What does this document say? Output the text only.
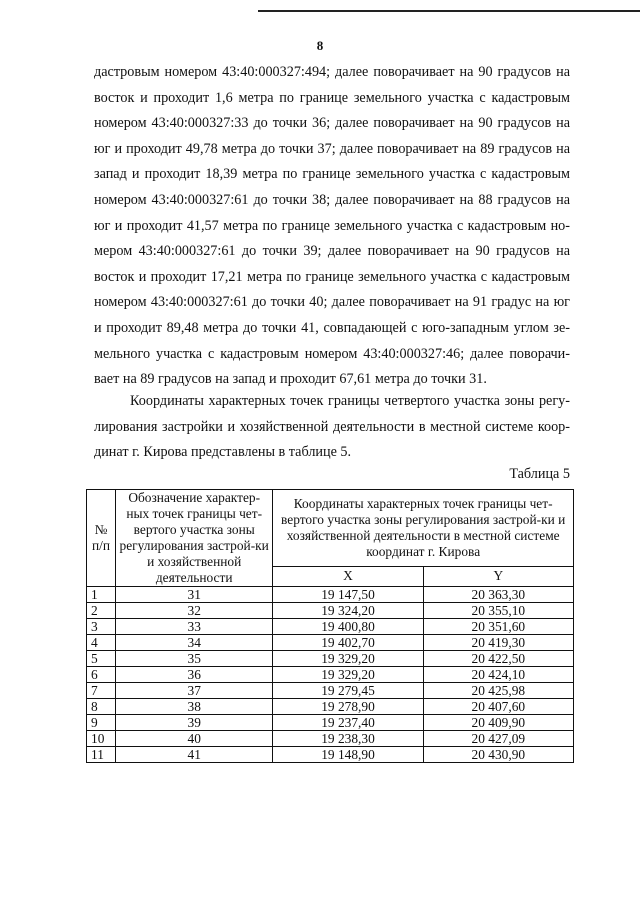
8
дастровым номером 43:40:000327:494; далее поворачивает на 90 градусов на
восток и проходит 1,6 метра по границе земельного участка с кадастровым
номером 43:40:000327:33 до точки 36; далее поворачивает на 90 градусов на
юг и проходит 49,78 метра до точки 37; далее поворачивает на 89 градусов на
запад и проходит 18,39 метра по границе земельного участка с кадастровым
номером 43:40:000327:61 до точки 38; далее поворачивает на 88 градусов на
юг и проходит 41,57 метра по границе земельного участка с кадастровым но-
мером 43:40:000327:61 до точки 39; далее поворачивает на 90 градусов на
восток и проходит 17,21 метра по границе земельного участка с кадастровым
номером 43:40:000327:61 до точки 40; далее поворачивает на 91 градус на юг
и проходит 89,48 метра до точки 41, совпадающей с юго-западным углом зе-
мельного участка с кадастровым номером 43:40:000327:46; далее поворачи-
вает на 89 градусов на запад и проходит 67,61 метра до точки 31.
Координаты характерных точек границы четвертого участка зоны регу-
лирования застройки и хозяйственной деятельности в местной системе коор-
динат г. Кирова представлены в таблице 5.
Таблица 5
№ п/п	Обозначение характер-ных точек границы чет-вертого участка зоны регулирования застрой-ки и хозяйственной деятельности	Координаты характерных точек границы чет-вертого участка зоны регулирования застрой-ки и хозяйственной деятельности в местной системе координат г. Кирова	
		X	Y
1	31	19 147,50	20 363,30
2	32	19 324,20	20 355,10
3	33	19 400,80	20 351,60
4	34	19 402,70	20 419,30
5	35	19 329,20	20 422,50
6	36	19 329,20	20 424,10
7	37	19 279,45	20 425,98
8	38	19 278,90	20 407,60
9	39	19 237,40	20 409,90
10	40	19 238,30	20 427,09
11	41	19 148,90	20 430,90
